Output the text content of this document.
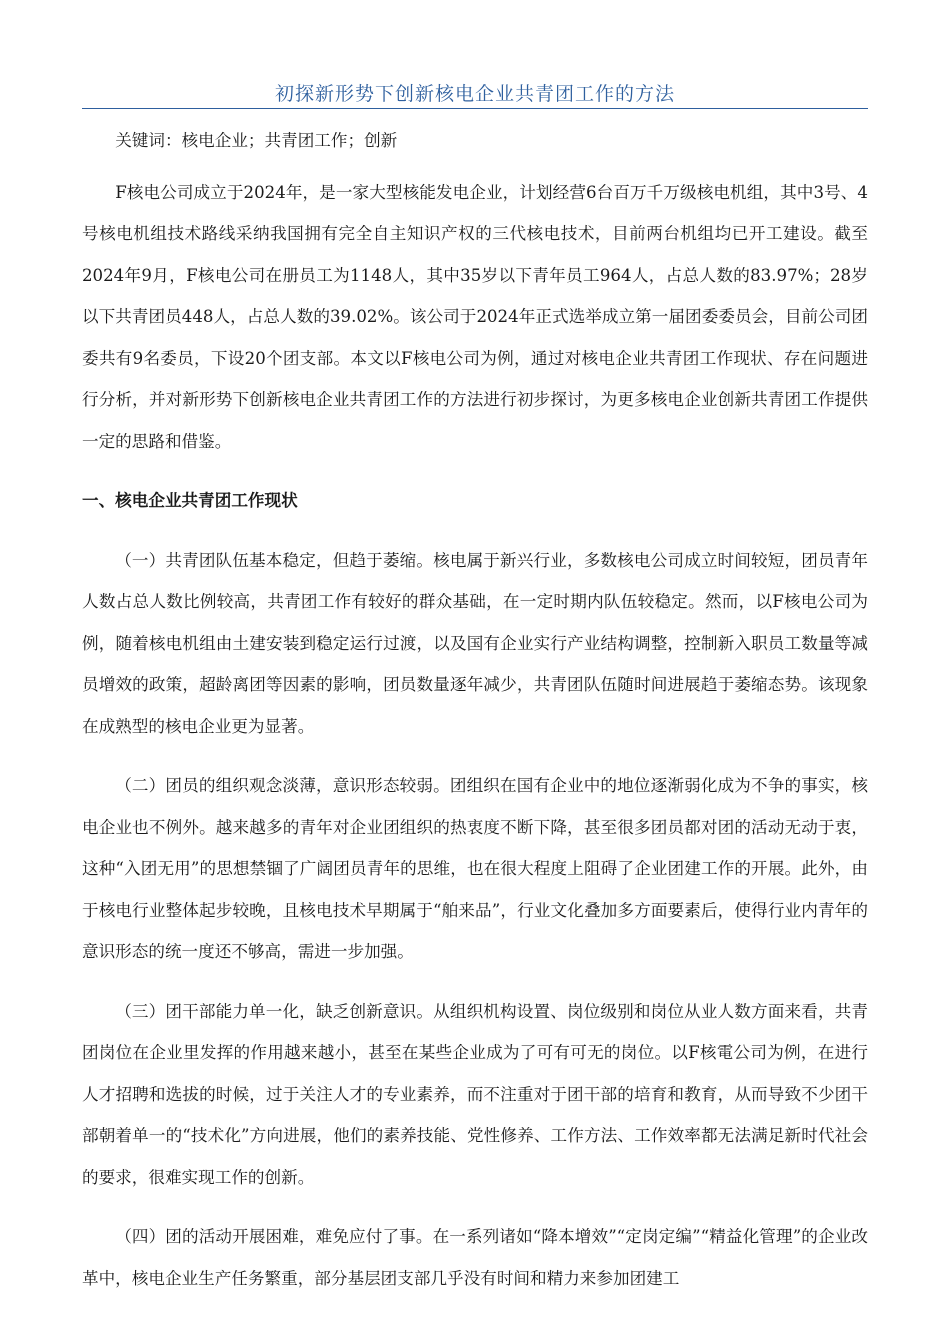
初探新形势下创新核电企业共青团工作的方法

关键词：核电企业；共青团工作；创新

F核电公司成立于2024年，是一家大型核能发电企业，计划经营6台百万千万级核电机组，其中3号、4号核电机组技术路线采纳我国拥有完全自主知识产权的三代核电技术，目前两台机组均已开工建设。截至2024年9月，F核电公司在册员工为1148人，其中35岁以下青年员工964人，占总人数的83.97%；28岁以下共青团员448人，占总人数的39.02%。该公司于2024年正式选举成立第一届团委委员会，目前公司团委共有9名委员，下设20个团支部。本文以F核电公司为例，通过对核电企业共青团工作现状、存在问题进行分析，并对新形势下创新核电企业共青团工作的方法进行初步探讨，为更多核电企业创新共青团工作提供一定的思路和借鉴。

一、核电企业共青团工作现状

（一）共青团队伍基本稳定，但趋于萎缩。核电属于新兴行业，多数核电公司成立时间较短，团员青年人数占总人数比例较高，共青团工作有较好的群众基础，在一定时期内队伍较稳定。然而，以F核电公司为例，随着核电机组由土建安装到稳定运行过渡，以及国有企业实行产业结构调整，控制新入职员工数量等减员增效的政策，超龄离团等因素的影响，团员数量逐年减少，共青团队伍随时间进展趋于萎缩态势。该现象在成熟型的核电企业更为显著。

（二）团员的组织观念淡薄，意识形态较弱。团组织在国有企业中的地位逐渐弱化成为不争的事实，核电企业也不例外。越来越多的青年对企业团组织的热衷度不断下降，甚至很多团员都对团的活动无动于衷，这种“入团无用”的思想禁锢了广阔团员青年的思维，也在很大程度上阻碍了企业团建工作的开展。此外，由于核电行业整体起步较晚，且核电技术早期属于“舶来品”，行业文化叠加多方面要素后，使得行业内青年的意识形态的统一度还不够高，需进一步加强。

（三）团干部能力单一化，缺乏创新意识。从组织机构设置、岗位级别和岗位从业人数方面来看，共青团岗位在企业里发挥的作用越来越小，甚至在某些企业成为了可有可无的岗位。以F核電公司为例，在进行人才招聘和选拔的时候，过于关注人才的专业素养，而不注重对于团干部的培育和教育，从而导致不少团干部朝着单一的“技术化”方向进展，他们的素养技能、党性修养、工作方法、工作效率都无法满足新时代社会的要求，很难实现工作的创新。

（四）团的活动开展困难，难免应付了事。在一系列诸如“降本增效”“定岗定编”“精益化管理”的企业改革中，核电企业生产任务繁重，部分基层团支部几乎没有时间和精力来参加团建工
